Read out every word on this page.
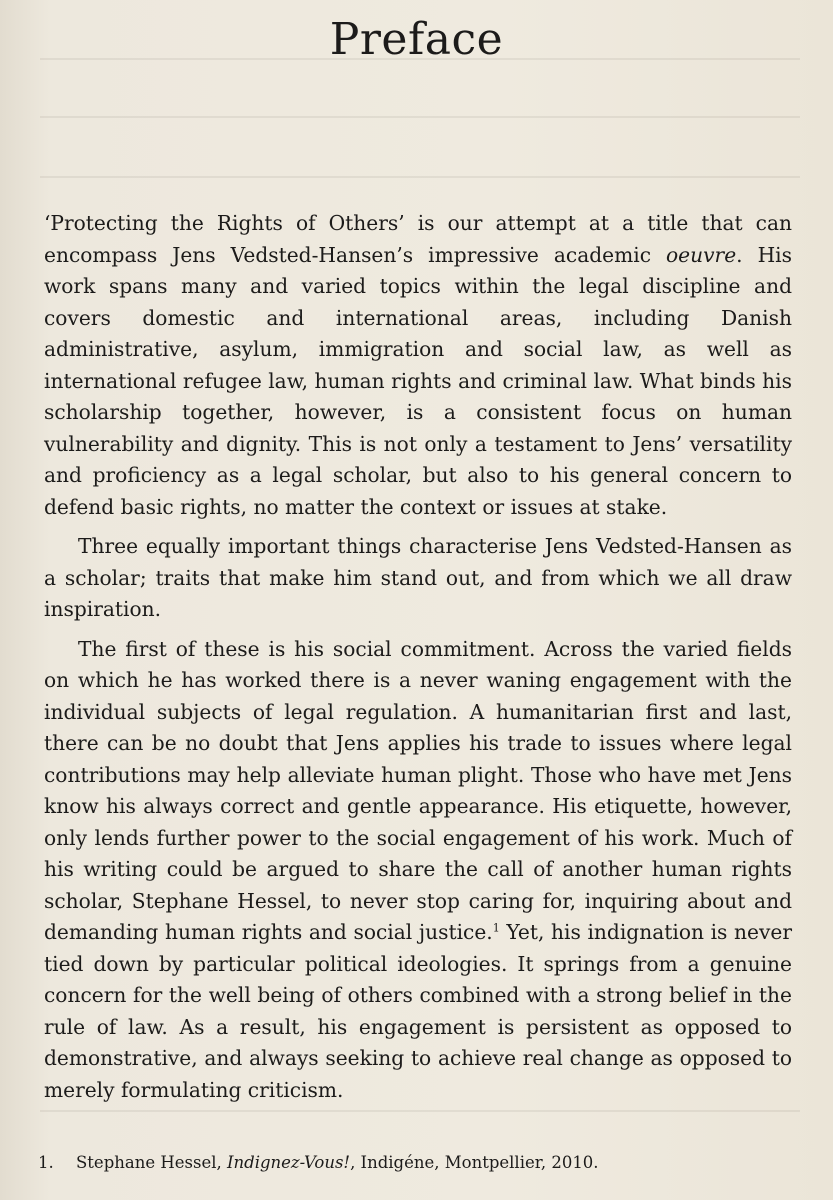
Preface

‘Protecting the Rights of Others’ is our attempt at a title that can encompass Jens Vedsted-Hansen’s impressive academic oeuvre. His work spans many and varied topics within the legal discipline and covers domestic and international areas, including Danish administrative, asylum, immigration and social law, as well as international refugee law, human rights and criminal law. What binds his scholarship together, however, is a consistent focus on human vulnerability and dignity. This is not only a testament to Jens’ versatility and proficiency as a legal scholar, but also to his general concern to defend basic rights, no matter the context or issues at stake.

Three equally important things characterise Jens Vedsted-Hansen as a scholar; traits that make him stand out, and from which we all draw inspiration.

The first of these is his social commitment. Across the varied fields on which he has worked there is a never waning engagement with the individual subjects of legal regulation. A humanitarian first and last, there can be no doubt that Jens applies his trade to issues where legal contributions may help alleviate human plight. Those who have met Jens know his always correct and gentle appearance. His etiquette, however, only lends further power to the social engagement of his work. Much of his writing could be argued to share the call of another human rights scholar, Stephane Hessel, to never stop caring for, inquiring about and demanding human rights and social justice.$^1$ Yet, his indignation is never tied down by particular political ideologies. It springs from a genuine concern for the well being of others combined with a strong belief in the rule of law. As a result, his engagement is persistent as opposed to demonstrative, and always seeking to achieve real change as opposed to merely formulating criticism.

1. Stephane Hessel, Indignez-Vous!, Indigéne, Montpellier, 2010.
